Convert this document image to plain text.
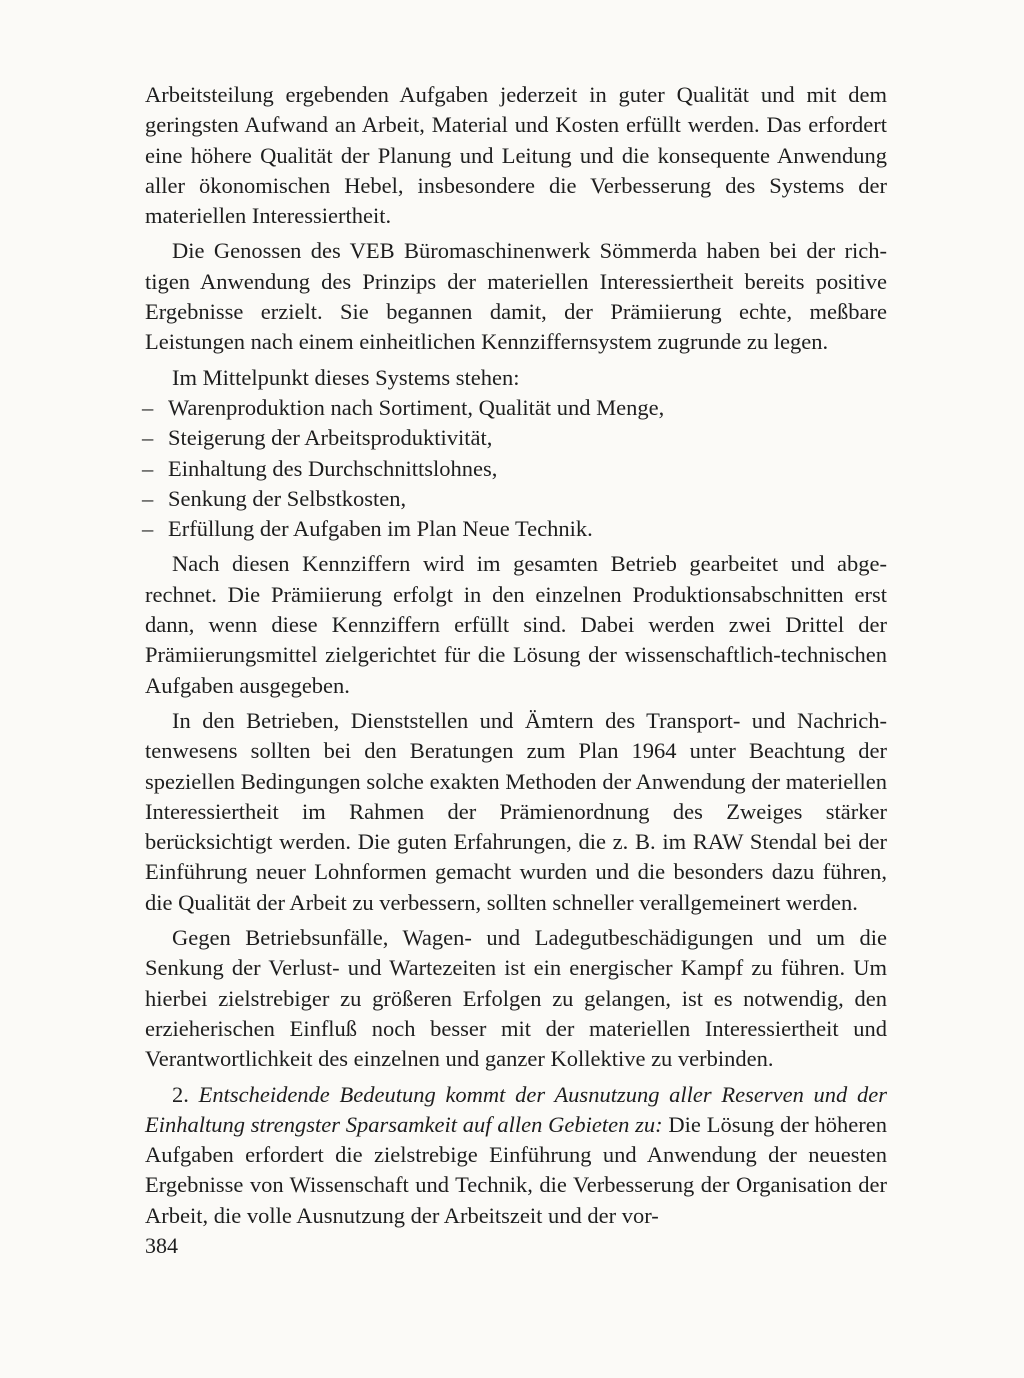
Arbeitsteilung ergebenden Aufgaben jederzeit in guter Qualität und mit dem geringsten Aufwand an Arbeit, Material und Kosten erfüllt werden. Das erfordert eine höhere Qualität der Planung und Leitung und die konsequente Anwendung aller ökonomischen Hebel, insbesondere die Verbesserung des Systems der materiellen Interessiertheit.

Die Genossen des VEB Büromaschinenwerk Sömmerda haben bei der richtigen Anwendung des Prinzips der materiellen Interessiertheit bereits positive Ergebnisse erzielt. Sie begannen damit, der Prämiierung echte, meßbare Leistungen nach einem einheitlichen Kennziffernsystem zugrunde zu legen.

Im Mittelpunkt dieses Systems stehen:

– Warenproduktion nach Sortiment, Qualität und Menge,
– Steigerung der Arbeitsproduktivität,
– Einhaltung des Durchschnittslohnes,
– Senkung der Selbstkosten,
– Erfüllung der Aufgaben im Plan Neue Technik.

Nach diesen Kennziffern wird im gesamten Betrieb gearbeitet und abgerechnet. Die Prämiierung erfolgt in den einzelnen Produktionsabschnitten erst dann, wenn diese Kennziffern erfüllt sind. Dabei werden zwei Drittel der Prämiierungsmittel zielgerichtet für die Lösung der wissenschaftlich-technischen Aufgaben ausgegeben.

In den Betrieben, Dienststellen und Ämtern des Transport- und Nachrichtenwesens sollten bei den Beratungen zum Plan 1964 unter Beachtung der speziellen Bedingungen solche exakten Methoden der Anwendung der materiellen Interessiertheit im Rahmen der Prämienordnung des Zweiges stärker berücksichtigt werden. Die guten Erfahrungen, die z. B. im RAW Stendal bei der Einführung neuer Lohnformen gemacht wurden und die besonders dazu führen, die Qualität der Arbeit zu verbessern, sollten schneller verallgemeinert werden.

Gegen Betriebsunfälle, Wagen- und Ladegutbeschädigungen und um die Senkung der Verlust- und Wartezeiten ist ein energischer Kampf zu führen. Um hierbei zielstrebiger zu größeren Erfolgen zu gelangen, ist es notwendig, den erzieherischen Einfluß noch besser mit der materiellen Interessiertheit und Verantwortlichkeit des einzelnen und ganzer Kollektive zu verbinden.

2. Entscheidende Bedeutung kommt der Ausnutzung aller Reserven und der Einhaltung strengster Sparsamkeit auf allen Gebieten zu: Die Lösung der höheren Aufgaben erfordert die zielstrebige Einführung und Anwendung der neuesten Ergebnisse von Wissenschaft und Technik, die Verbesserung der Organisation der Arbeit, die volle Ausnutzung der Arbeitszeit und der vor-

384
